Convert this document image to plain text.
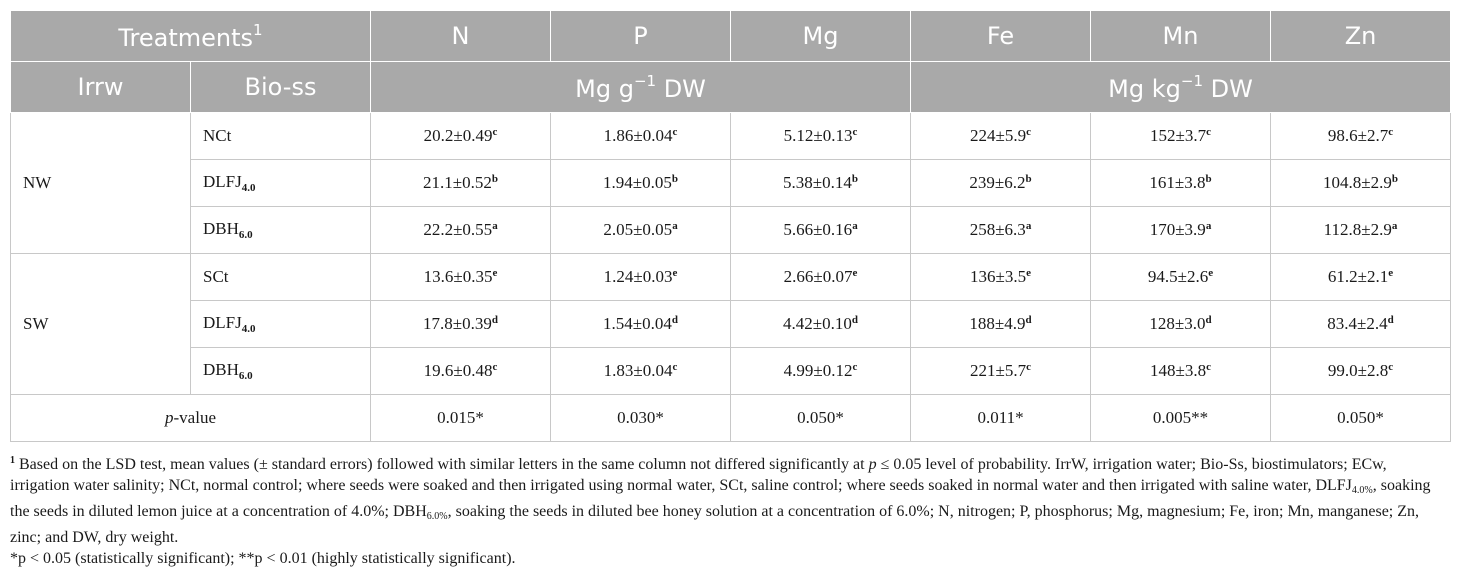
Treatments$^1$		N	P	Mg	Fe	Mn	Zn
Irrw	Bio-ss	Mg $g^{-1}$ DW			Mg $kg^{-1}$ DW		
NW	NCt	20.2±0.49$^c$	1.86±0.04$^c$	5.12±0.13$^c$	224±5.9$^c$	152±3.7$^c$	98.6±2.7$^c$
	$DLFJ_{4.0}$	21.1±0.52$^b$	1.94±0.05$^b$	5.38±0.14$^b$	239±6.2$^b$	161±3.8$^b$	104.8±2.9$^b$
	$DBH_{6.0}$	22.2±0.55$^a$	2.05±0.05$^a$	5.66±0.16$^a$	258±6.3$^a$	170±3.9$^a$	112.8±2.9$^a$
SW	SCt	13.6±0.35$^e$	1.24±0.03$^e$	2.66±0.07$^e$	136±3.5$^e$	94.5±2.6$^e$	61.2±2.1$^e$
	$DLFJ_{4.0}$	17.8±0.39$^d$	1.54±0.04$^d$	4.42±0.10$^d$	188±4.9$^d$	128±3.0$^d$	83.4±2.4$^d$
	$DBH_{6.0}$	19.6±0.48$^c$	1.83±0.04$^c$	4.99±0.12$^c$	221±5.7$^c$	148±3.8$^c$	99.0±2.8$^c$
p-value		0.015*	0.030*	0.050*	0.011*	0.005**	0.050*
$^1$ Based on the LSD test, mean values (± standard errors) followed with similar letters in the same column not differed significantly at p ≤ 0.05 level of probability. IrrW, irrigation water; Bio-Ss, biostimulators; ECw, irrigation water salinity; NCt, normal control; where seeds were soaked and then irrigated using normal water, SCt, saline control; where seeds soaked in normal water and then irrigated with saline water, $DLFJ_{4.0\%}$, soaking the seeds in diluted lemon juice at a concentration of 4.0%; $DBH_{6.0\%}$, soaking the seeds in diluted bee honey solution at a concentration of 6.0%; N, nitrogen; P, phosphorus; Mg, magnesium; Fe, iron; Mn, manganese; Zn, zinc; and DW, dry weight.
*p < 0.05 (statistically significant); **p < 0.01 (highly statistically significant).
